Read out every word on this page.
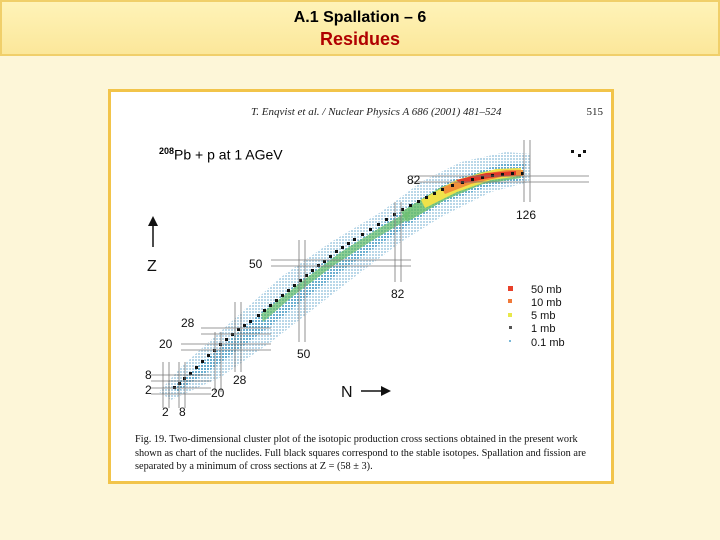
A.1 Spallation – 6
Residues
T. Enqvist et al. / Nuclear Physics A 686 (2001) 481–524	515
82
126
50
82
28
20
50
8	28
2	20
2 8
Z
N
50 mb
10 mb
5 mb
1 mb
0.1 mb
$^{208}$Pb + p at 1 AGeV
Fig. 19. Two-dimensional cluster plot of the isotopic production cross sections obtained in the present work shown as chart of the nuclides. Full black squares correspond to the stable isotopes. Spallation and fission are separated by a minimum of cross sections at Z = (58 ± 3).
